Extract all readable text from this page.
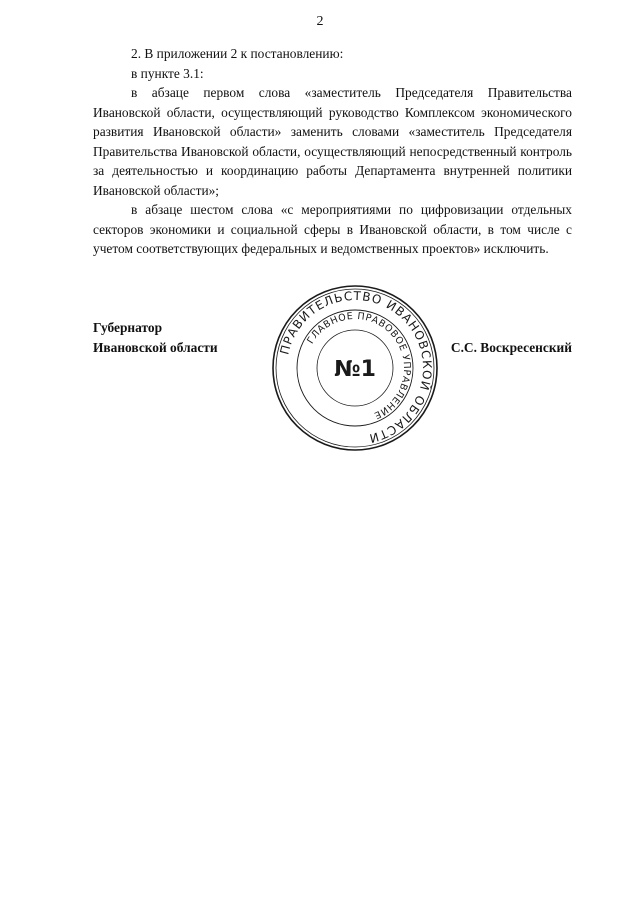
2

2. В приложении 2 к постановлению:

в пункте 3.1:

в абзаце первом слова «заместитель Председателя Правительства Ивановской области, осуществляющий руководство Комплексом экономического развития Ивановской области» заменить словами «заместитель Председателя Правительства Ивановской области, осуществляющий непосредственный контроль за деятельностью и координацию работы Департамента внутренней политики Ивановской области»;

в абзаце шестом слова «с мероприятиями по цифровизации отдельных секторов экономики и социальной сферы в Ивановской области, в том числе с учетом соответствующих федеральных и ведомственных проектов» исключить.

ПРАВИТЕЛЬСТВО ИВАНОВСКОЙ ОБЛАСТИ
ГЛАВНОЕ ПРАВОВОЕ УПРАВЛЕНИЕ
№1
Губернатор
Ивановской области	С.С. Воскресенский
